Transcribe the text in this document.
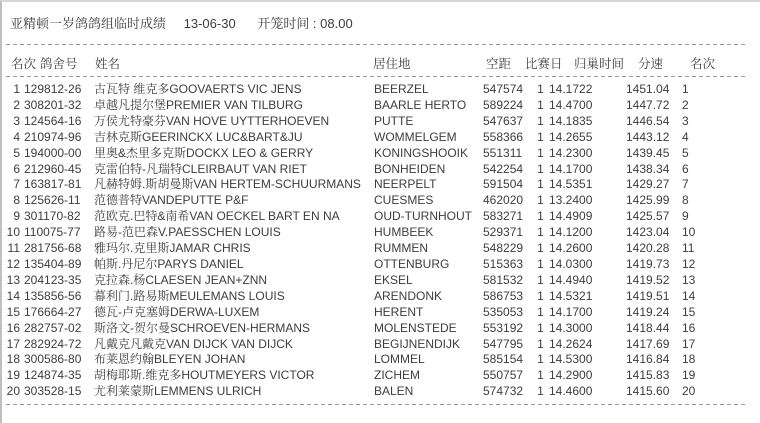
亚精顿一岁鸽鸽组临时成绩 13-06-30 开笼时间 : 08.00
名次 鸽舍号 姓名	居住地	空距 比赛日 归巢时间 分速 名次
1 129812-26	古瓦特 维克多GOOVAERTS VIC JENS	BEERZEL	547574	1 14.1722	1451.04	1
2 308201-32	卓越凡提尔堡PREMIER VAN TILBURG	BAARLE HERTO	589224	1 14.4700	1447.72	2
3 124564-16	万侯尤特豪芬VAN HOVE UYTTERHOEVEN	PUTTE	547637	1 14.1835	1446.54	3
4 210974-96	吉林克斯GEERINCKX LUC&BART&JU	WOMMELGEM	558366	1 14.2655	1443.12	4
5 194000-00	里奥&杰里多克斯DOCKX LEO & GERRY	KONINGSHOOIK	551311	1 14.2300	1439.45	5
6 212960-45	克雷伯特-凡瑞特CLEIRBAUT VAN RIET	BONHEIDEN	542254	1 14.1700	1438.34	6
7 163817-81	凡赫特姆.斯胡曼斯VAN HERTEM-SCHUURMANS	NEERPELT	591504	1 14.5351	1429.27	7
8 125626-11	范德普特VANDEPUTTE P&F	CUESMES	462020	1 13.2400	1425.99	8
9 301170-82	范欧克.巴特&南希VAN OECKEL BART EN NA	OUD-TURNHOUT 583271	1 14.4909	1425.57	9
10 110075-77	路易-范巴森V.PAESSCHEN LOUIS	HUMBEEK	529371	1 14.1200	1423.04	10
11 281756-68	雅玛尔.克里斯JAMAR CHRIS	RUMMEN	548229	1 14.2600	1420.28	11
12 135404-89	帕斯.丹尼尔PARYS DANIEL	OTTENBURG	515363	1 14.0300	1419.73	12
13 204123-35	克拉森.杨CLAESEN JEAN+ZNN	EKSEL	581532	1 14.4940	1419.52	13
14 135856-56	幕利门.路易斯MEULEMANS LOUIS	ARENDONK	586753	1 14.5321	1419.51	14
15 176664-27	德瓦-卢克塞姆DERWA-LUXEM	HERENT	535053	1 14.1700	1419.24	15
16 282757-02	斯洛文-贺尔曼SCHROEVEN-HERMANS	MOLENSTEDE	553192	1 14.3000	1418.44	16
17 282924-72	凡戴克凡戴克VAN DIJCK VAN DIJCK	BEGIJNENDIJK	547795	1 14.2624	1417.69	17
18 300586-80	布莱恩约翰BLEYEN JOHAN	LOMMEL	585154	1 14.5300	1416.84	18
19 124874-35	胡梅耶斯.维克多HOUTMEYERS VICTOR	ZICHEM	550757	1 14.2900	1415.83	19
20 303528-15	尤利莱蒙斯LEMMENS ULRICH	BALEN	574732	1 14.4600	1415.60	20
